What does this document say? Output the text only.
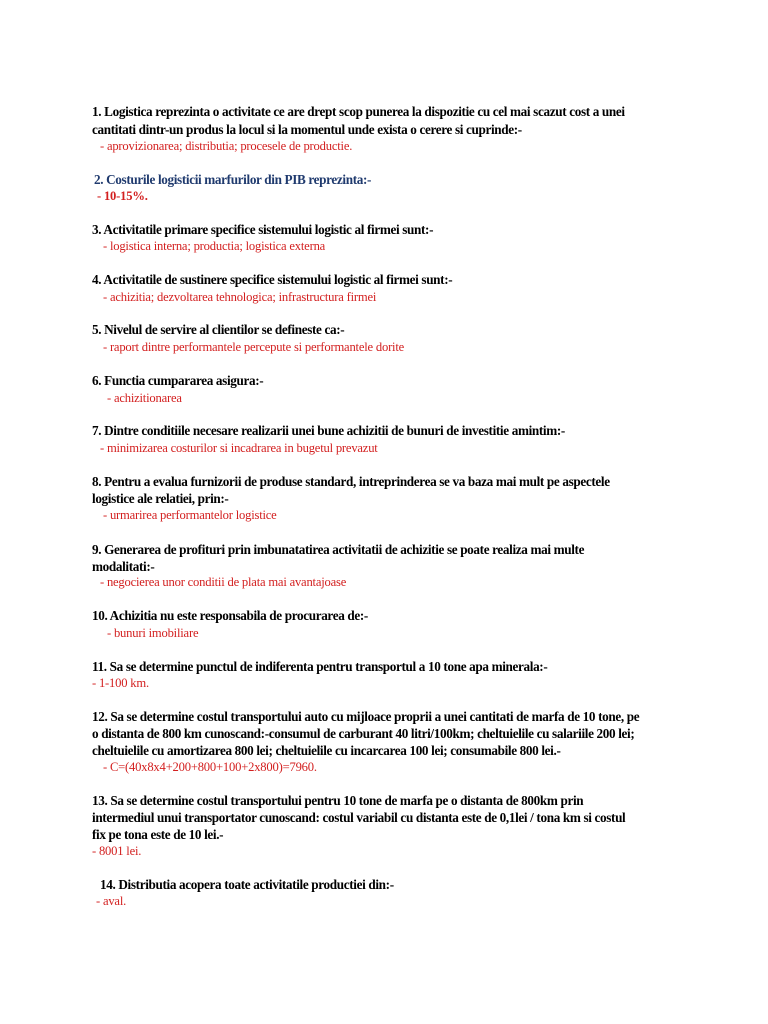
1. Logistica reprezinta o activitate ce are drept scop punerea la dispozitie cu cel mai scazut cost a unei
cantitati dintr-un produs la locul si la momentul unde exista o cerere si cuprinde:-
- aprovizionarea; distributia; procesele de productie.
2. Costurile logisticii marfurilor din PIB reprezinta:-
- 10-15%.
3. Activitatile primare specifice sistemului logistic al firmei sunt:-
- logistica interna; productia; logistica externa
4. Activitatile de sustinere specifice sistemului logistic al firmei sunt:-
- achizitia; dezvoltarea tehnologica; infrastructura firmei
5. Nivelul de servire al clientilor se defineste ca:-
- raport dintre performantele percepute si performantele dorite
6. Functia cumpararea asigura:-
- achizitionarea
7. Dintre conditiile necesare realizarii unei bune achizitii de bunuri de investitie amintim:-
- minimizarea costurilor si incadrarea in bugetul prevazut
8. Pentru a evalua furnizorii de produse standard, intreprinderea se va baza mai mult pe aspectele
logistice ale relatiei, prin:-
- urmarirea performantelor logistice
9. Generarea de profituri prin imbunatatirea activitatii de achizitie se poate realiza mai multe
modalitati:-
- negocierea unor conditii de plata mai avantajoase
10. Achizitia nu este responsabila de procurarea de:-
- bunuri imobiliare
11. Sa se determine punctul de indiferenta pentru transportul a 10 tone apa minerala:-
- 1-100 km.
12. Sa se determine costul transportului auto cu mijloace proprii a unei cantitati de marfa de 10 tone, pe
o distanta de 800 km cunoscand:-consumul de carburant 40 litri/100km; cheltuielile cu salariile 200 lei;
cheltuielile cu amortizarea 800 lei; cheltuielile cu incarcarea 100 lei; consumabile 800 lei.-
- C=(40x8x4+200+800+100+2x800)=7960.
13. Sa se determine costul transportului pentru 10 tone de marfa pe o distanta de 800km prin
intermediul unui transportator cunoscand: costul variabil cu distanta este de 0,1lei / tona km si costul
fix pe tona este de 10 lei.-
- 8001 lei.
14. Distributia acopera toate activitatile productiei din:-
- aval.
